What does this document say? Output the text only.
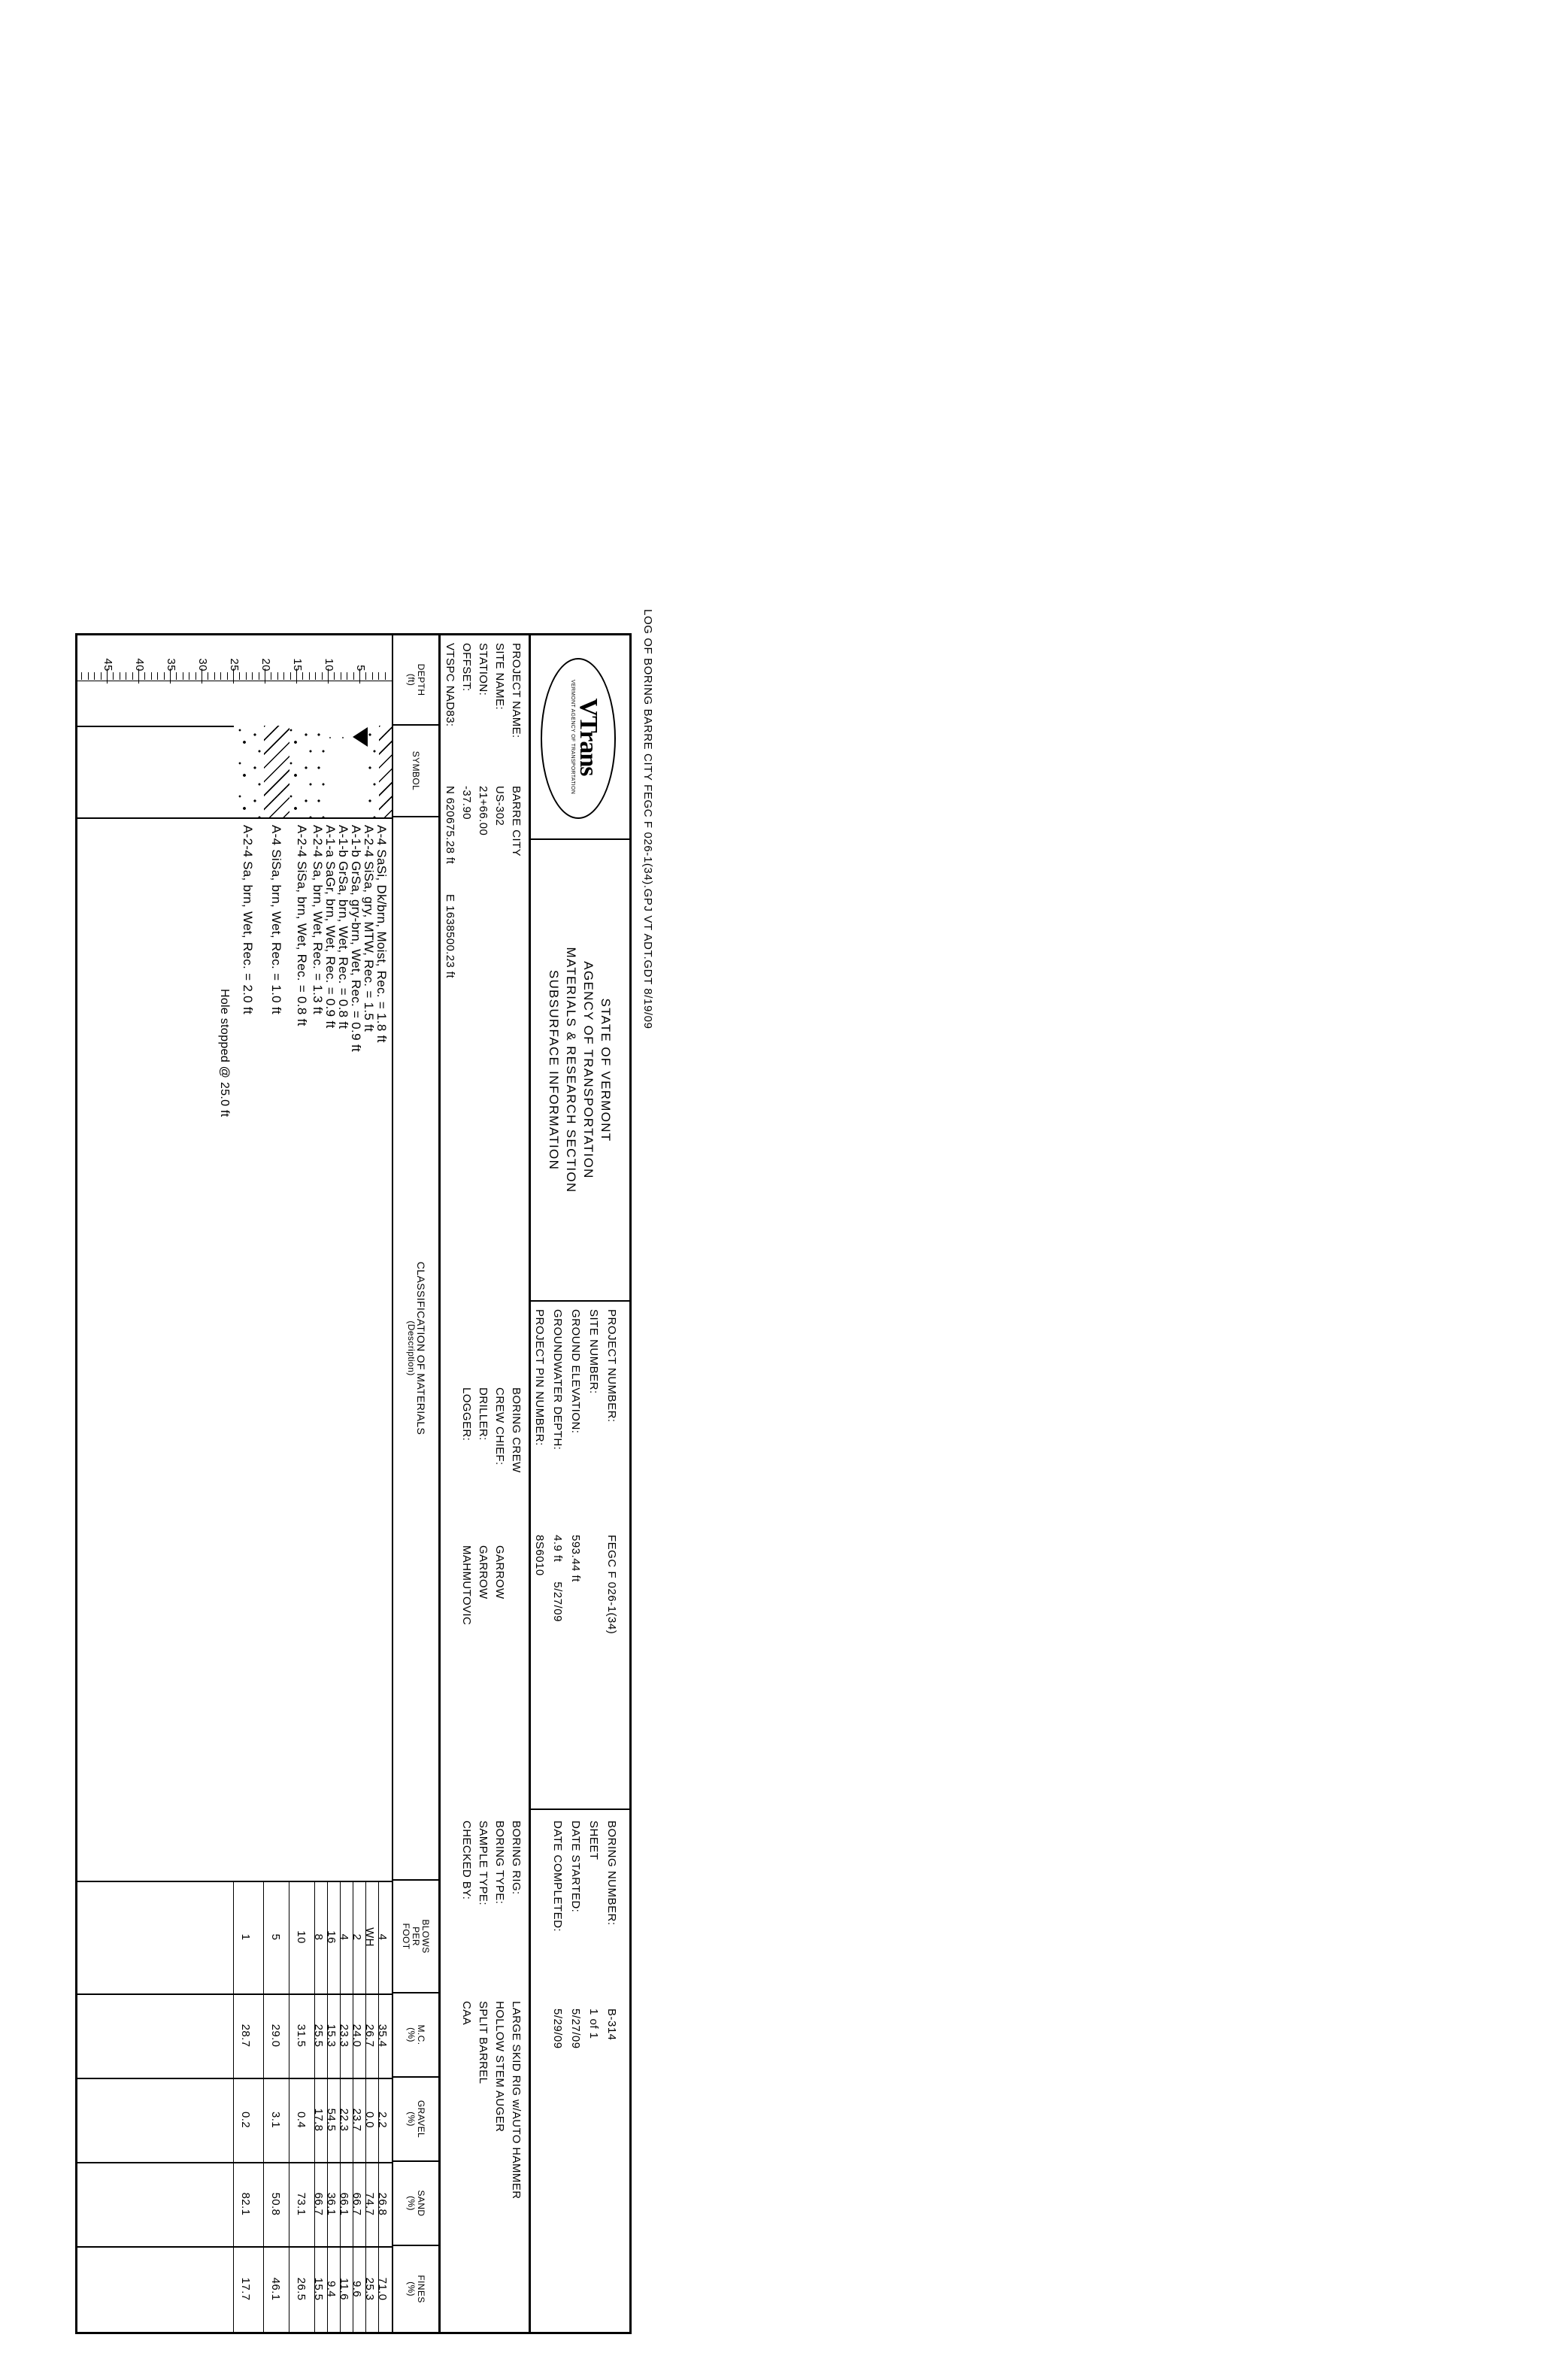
LOG OF BORING BARRE CITY FEGC F 026-1(34).GPJ VT ADT.GDT 8/19/09
VTrans
VERMONT AGENCY OF TRANSPORTATION
STATE OF VERMONT
AGENCY OF TRANSPORTATION
MATERIALS & RESEARCH SECTION
SUBSURFACE INFORMATION
PROJECT NUMBER:
FEGC F 026-1(34)
SITE NUMBER:
GROUND ELEVATION:
593.44 ft
GROUNDWATER DEPTH:
4.9 ft
5/27/09
PROJECT PIN NUMBER:
8S6010
BORING NUMBER:
B-314
SHEET
1 of 1
DATE STARTED:
5/27/09
DATE COMPLETED:
5/29/09
PROJECT NAME:
BARRE CITY
SITE NAME:
US-302
STATION:
21+66.00
OFFSET:
-37.90
VTSPC NAD83:
N 620675.28 ft
E 1638500.23 ft
BORING CREW
CREW CHIEF:
GARROW
DRILLER:
GARROW
LOGGER:
MAHMUTOVIC
BORING RIG:
LARGE SKID RIG w/AUTO HAMMER
BORING TYPE:
HOLLOW STEM AUGER
SAMPLE TYPE:
SPLIT BARREL
CHECKED BY:
CAA
DEPTH
(ft)
SYMBOL
CLASSIFICATION OF MATERIALS
(Description)
BLOWS
PER
FOOT
M.C.
(%)
GRAVEL
(%)
SAND
(%)
FINES
(%)
5
10
15
20
25
30
35
40
45
A-4 SaSi, Dk/brn, Moist, Rec. = 1.8 ft
A-2-4 SiSa, gry, MTW, Rec. = 1.5 ft
A-1-b GrSa, gry-brn, Wet, Rec. = 0.9 ft
A-1-b GrSa, brn, Wet, Rec. = 0.8 ft
A-1-a SaGr, brn, Wet, Rec. = 0.9 ft
A-2-4 Sa, brn, Wet, Rec. = 1.3 ft
A-2-4 SiSa, brn, Wet, Rec. = 0.8 ft
A-4 SiSa, brn, Wet, Rec. = 1.0 ft
A-2-4 Sa, brn, Wet, Rec. = 2.0 ft
Hole stopped @ 25.0 ft
4
WH
2
4
16
8
10
5
1
35.4
26.7
24.0
23.3
15.3
25.5
31.5
29.0
28.7
2.2
0.0
23.7
22.3
54.5
17.8
0.4
3.1
0.2
26.8
74.7
66.7
66.1
36.1
66.7
73.1
50.8
82.1
71.0
25.3
9.6
11.6
9.4
15.5
26.5
46.1
17.7
